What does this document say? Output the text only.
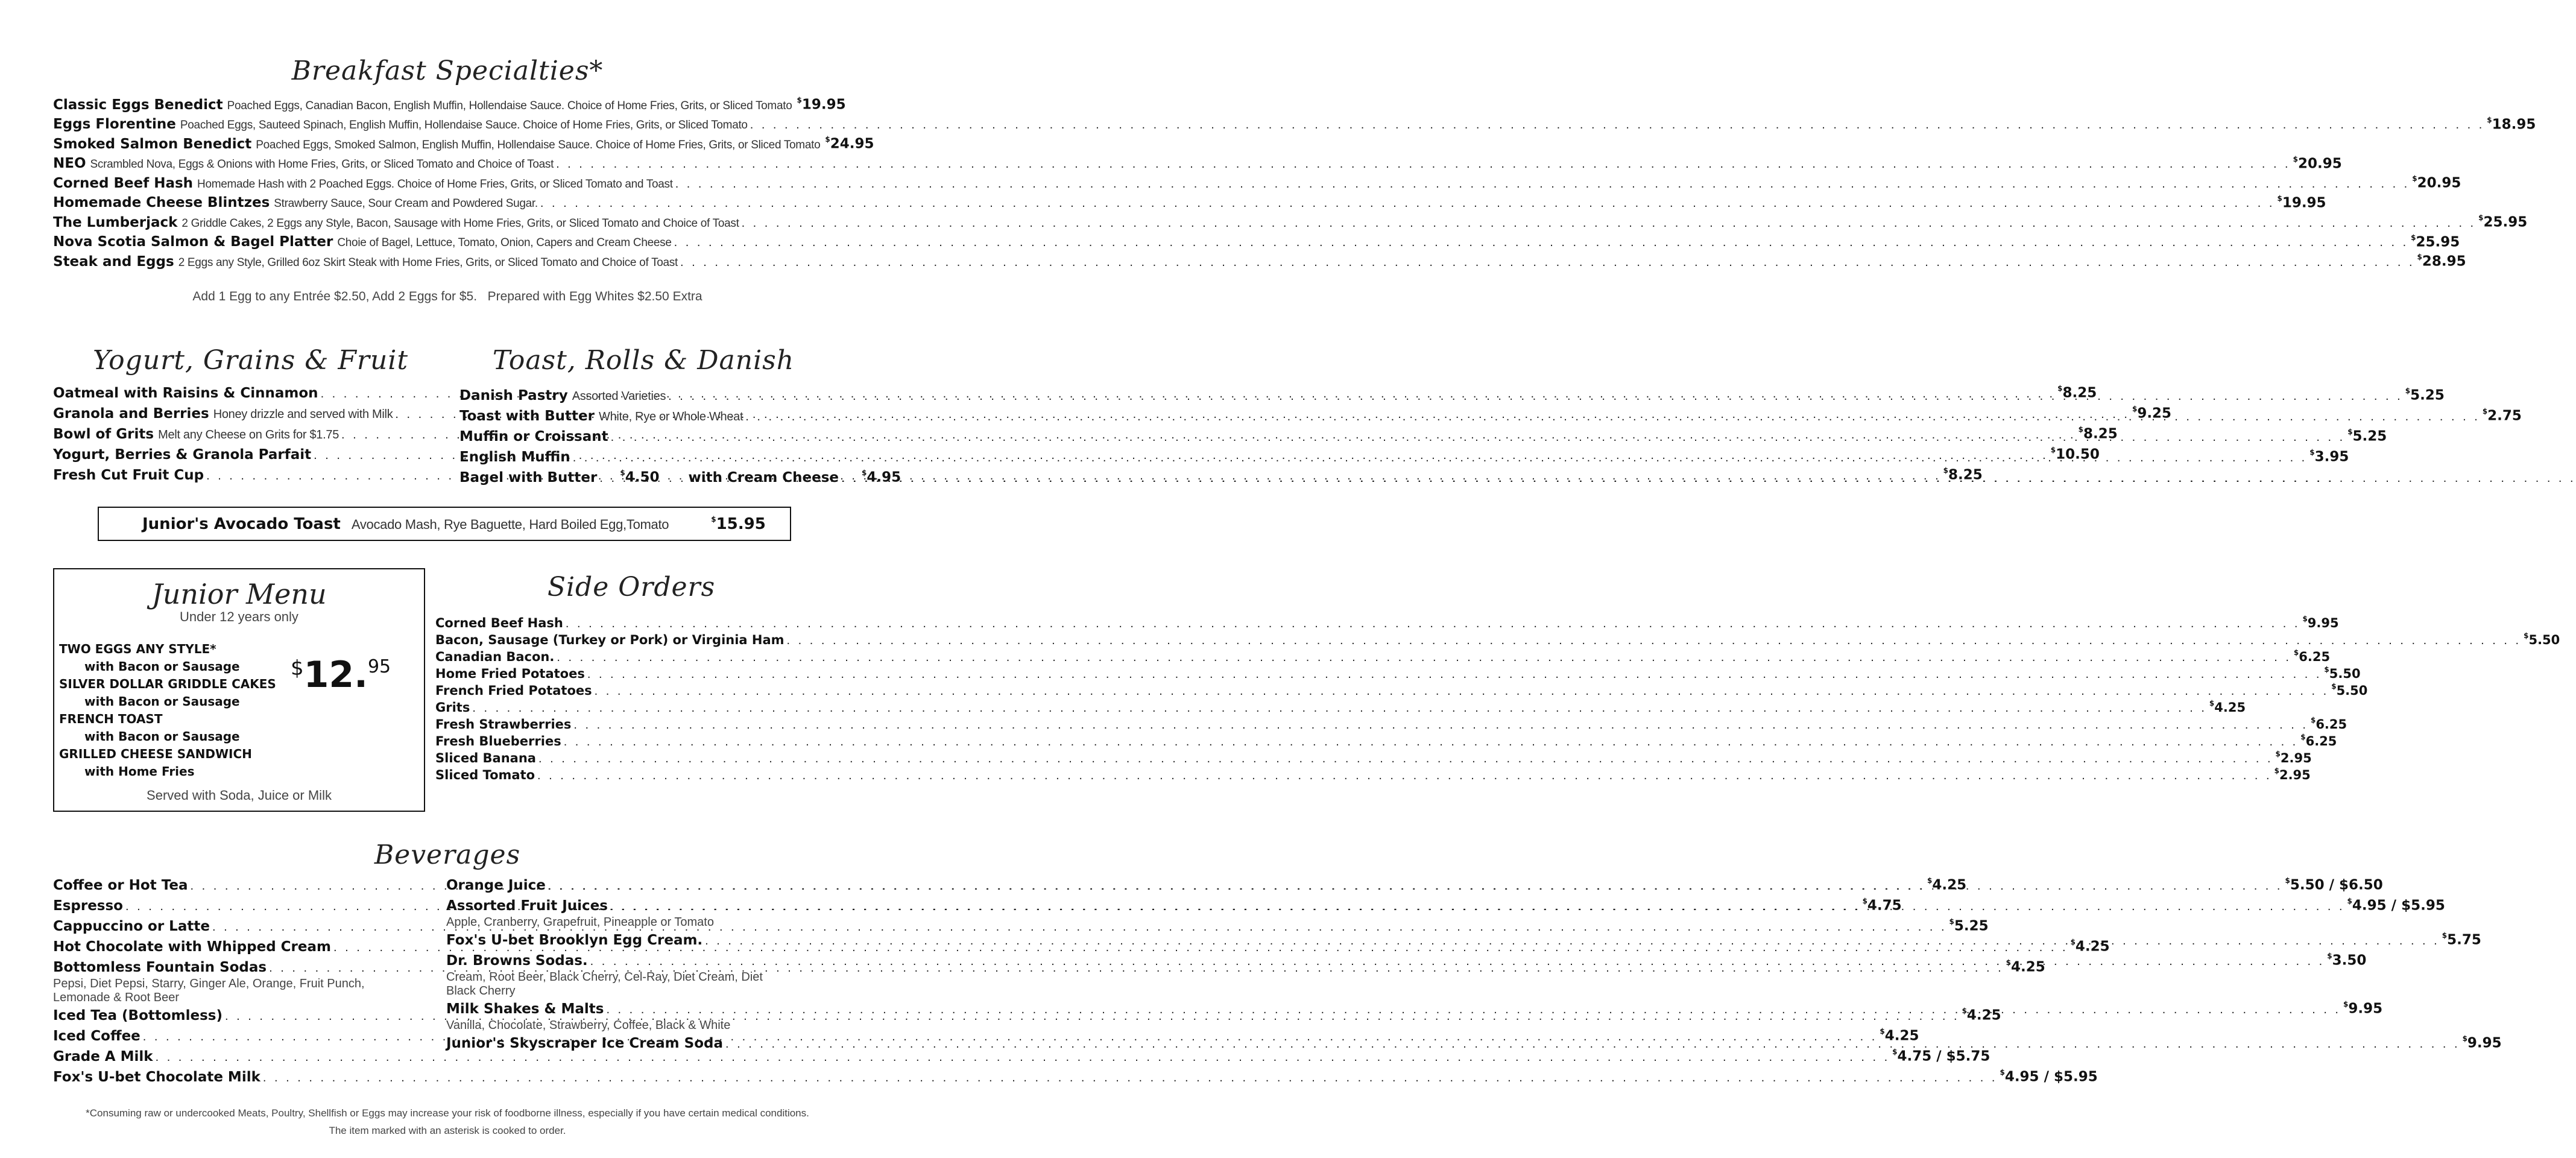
Breakfast Specialties*
Classic Eggs Benedict Poached Eggs, Canadian Bacon, English Muffin, Hollendaise Sauce. Choice of Home Fries, Grits, or Sliced Tomato $19.95
Eggs Florentine Poached Eggs, Sauteed Spinach, English Muffin, Hollendaise Sauce. Choice of Home Fries, Grits, or Sliced Tomato . . .	$18.95
Smoked Salmon Benedict Poached Eggs, Smoked Salmon, English Muffin, Hollendaise Sauce. Choice of Home Fries, Grits, or Sliced Tomato $24.95
NEO Scrambled Nova, Eggs & Onions with Home Fries, Grits, or Sliced Tomato and Choice of Toast . . .	$20.95
Corned Beef Hash Homemade Hash with 2 Poached Eggs. Choice of Home Fries, Grits, or Sliced Tomato and Toast . . .	$20.95
Homemade Cheese Blintzes Strawberry Sauce, Sour Cream and Powdered Sugar. . . .	$19.95
The Lumberjack 2 Griddle Cakes, 2 Eggs any Style, Bacon, Sausage with Home Fries, Grits, or Sliced Tomato and Choice of Toast . . .	$25.95
Nova Scotia Salmon & Bagel Platter Choie of Bagel, Lettuce, Tomato, Onion, Capers and Cream Cheese . . .	$25.95
Steak and Eggs 2 Eggs any Style, Grilled 6oz Skirt Steak with Home Fries, Grits, or Sliced Tomato and Choice of Toast . . .	$28.95
Add 1 Egg to any Entrée $2.50, Add 2 Eggs for $5.   Prepared with Egg Whites $2.50 Extra
Yogurt, Grains & Fruit
Oatmeal with Raisins & Cinnamon . . .	$8.25
Granola and Berries Honey drizzle and served with Milk . . .	$9.25
Bowl of Grits Melt any Cheese on Grits for $1.75 . . .	$8.25
Yogurt, Berries & Granola Parfait . . .	$10.50
Fresh Cut Fruit Cup . . .	$8.25
Toast, Rolls & Danish
Danish Pastry Assorted Varieties . . .	$5.25
Toast with Butter White, Rye or Whole Wheat . . .	$2.75
Muffin or Croissant . . .	$5.25
English Muffin . . .	$3.95
Bagel with Butter . . .	$4.50 with Cream Cheese . . .	$4.95
Junior's Avocado Toast Avocado Mash, Rye Baguette, Hard Boiled Egg,Tomato	$15.95
Junior Menu
Under 12 years only
TWO EGGS ANY STYLE*
with Bacon or Sausage
SILVER DOLLAR GRIDDLE CAKES
with Bacon or Sausage
FRENCH TOAST
with Bacon or Sausage
GRILLED CHEESE SANDWICH
with Home Fries
$12.95
Served with Soda, Juice or Milk
Side Orders
Corned Beef Hash . . .	$9.95
Bacon, Sausage (Turkey or Pork) or Virginia Ham . . .	$5.50
Canadian Bacon. . . .	$6.25
Home Fried Potatoes . . .	$5.50
French Fried Potatoes . . .	$5.50
Grits . . .	$4.25
Fresh Strawberries . . .	$6.25
Fresh Blueberries . . .	$6.25
Sliced Banana . . .	$2.95
Sliced Tomato . . .	$2.95
Beverages
Coffee or Hot Tea . . .	$4.25
Espresso . . .	$4.75
Cappuccino or Latte . . .	$5.25
Hot Chocolate with Whipped Cream . . .	$4.25
Bottomless Fountain Sodas . . .	$4.25
Pepsi, Diet Pepsi, Starry, Ginger Ale, Orange, Fruit Punch, Lemonade & Root Beer
Iced Tea (Bottomless) . . .	$4.25
Iced Coffee . . .	$4.25
Grade A Milk . . .	$4.75 / $5.75
Fox's U-bet Chocolate Milk . . .	$4.95 / $5.95
Orange Juice . . .	$5.50 / $6.50
Assorted Fruit Juices . . .	$4.95 / $5.95
Apple, Cranberry, Grapefruit, Pineapple or Tomato
Fox's U-bet Brooklyn Egg Cream. . . .	$5.75
Dr. Browns Sodas. . . .	$3.50
Cream, Root Beer, Black Cherry, Cel-Ray, Diet Cream, Diet Black Cherry
Milk Shakes & Malts . . .	$9.95
Vanilla, Chocolate, Strawberry, Coffee, Black & White
Junior's Skyscraper Ice Cream Soda . . .	$9.95
*Consuming raw or undercooked Meats, Poultry, Shellfish or Eggs may increase your risk of foodborne illness, especially if you have certain medical conditions.
The item marked with an asterisk is cooked to order.
